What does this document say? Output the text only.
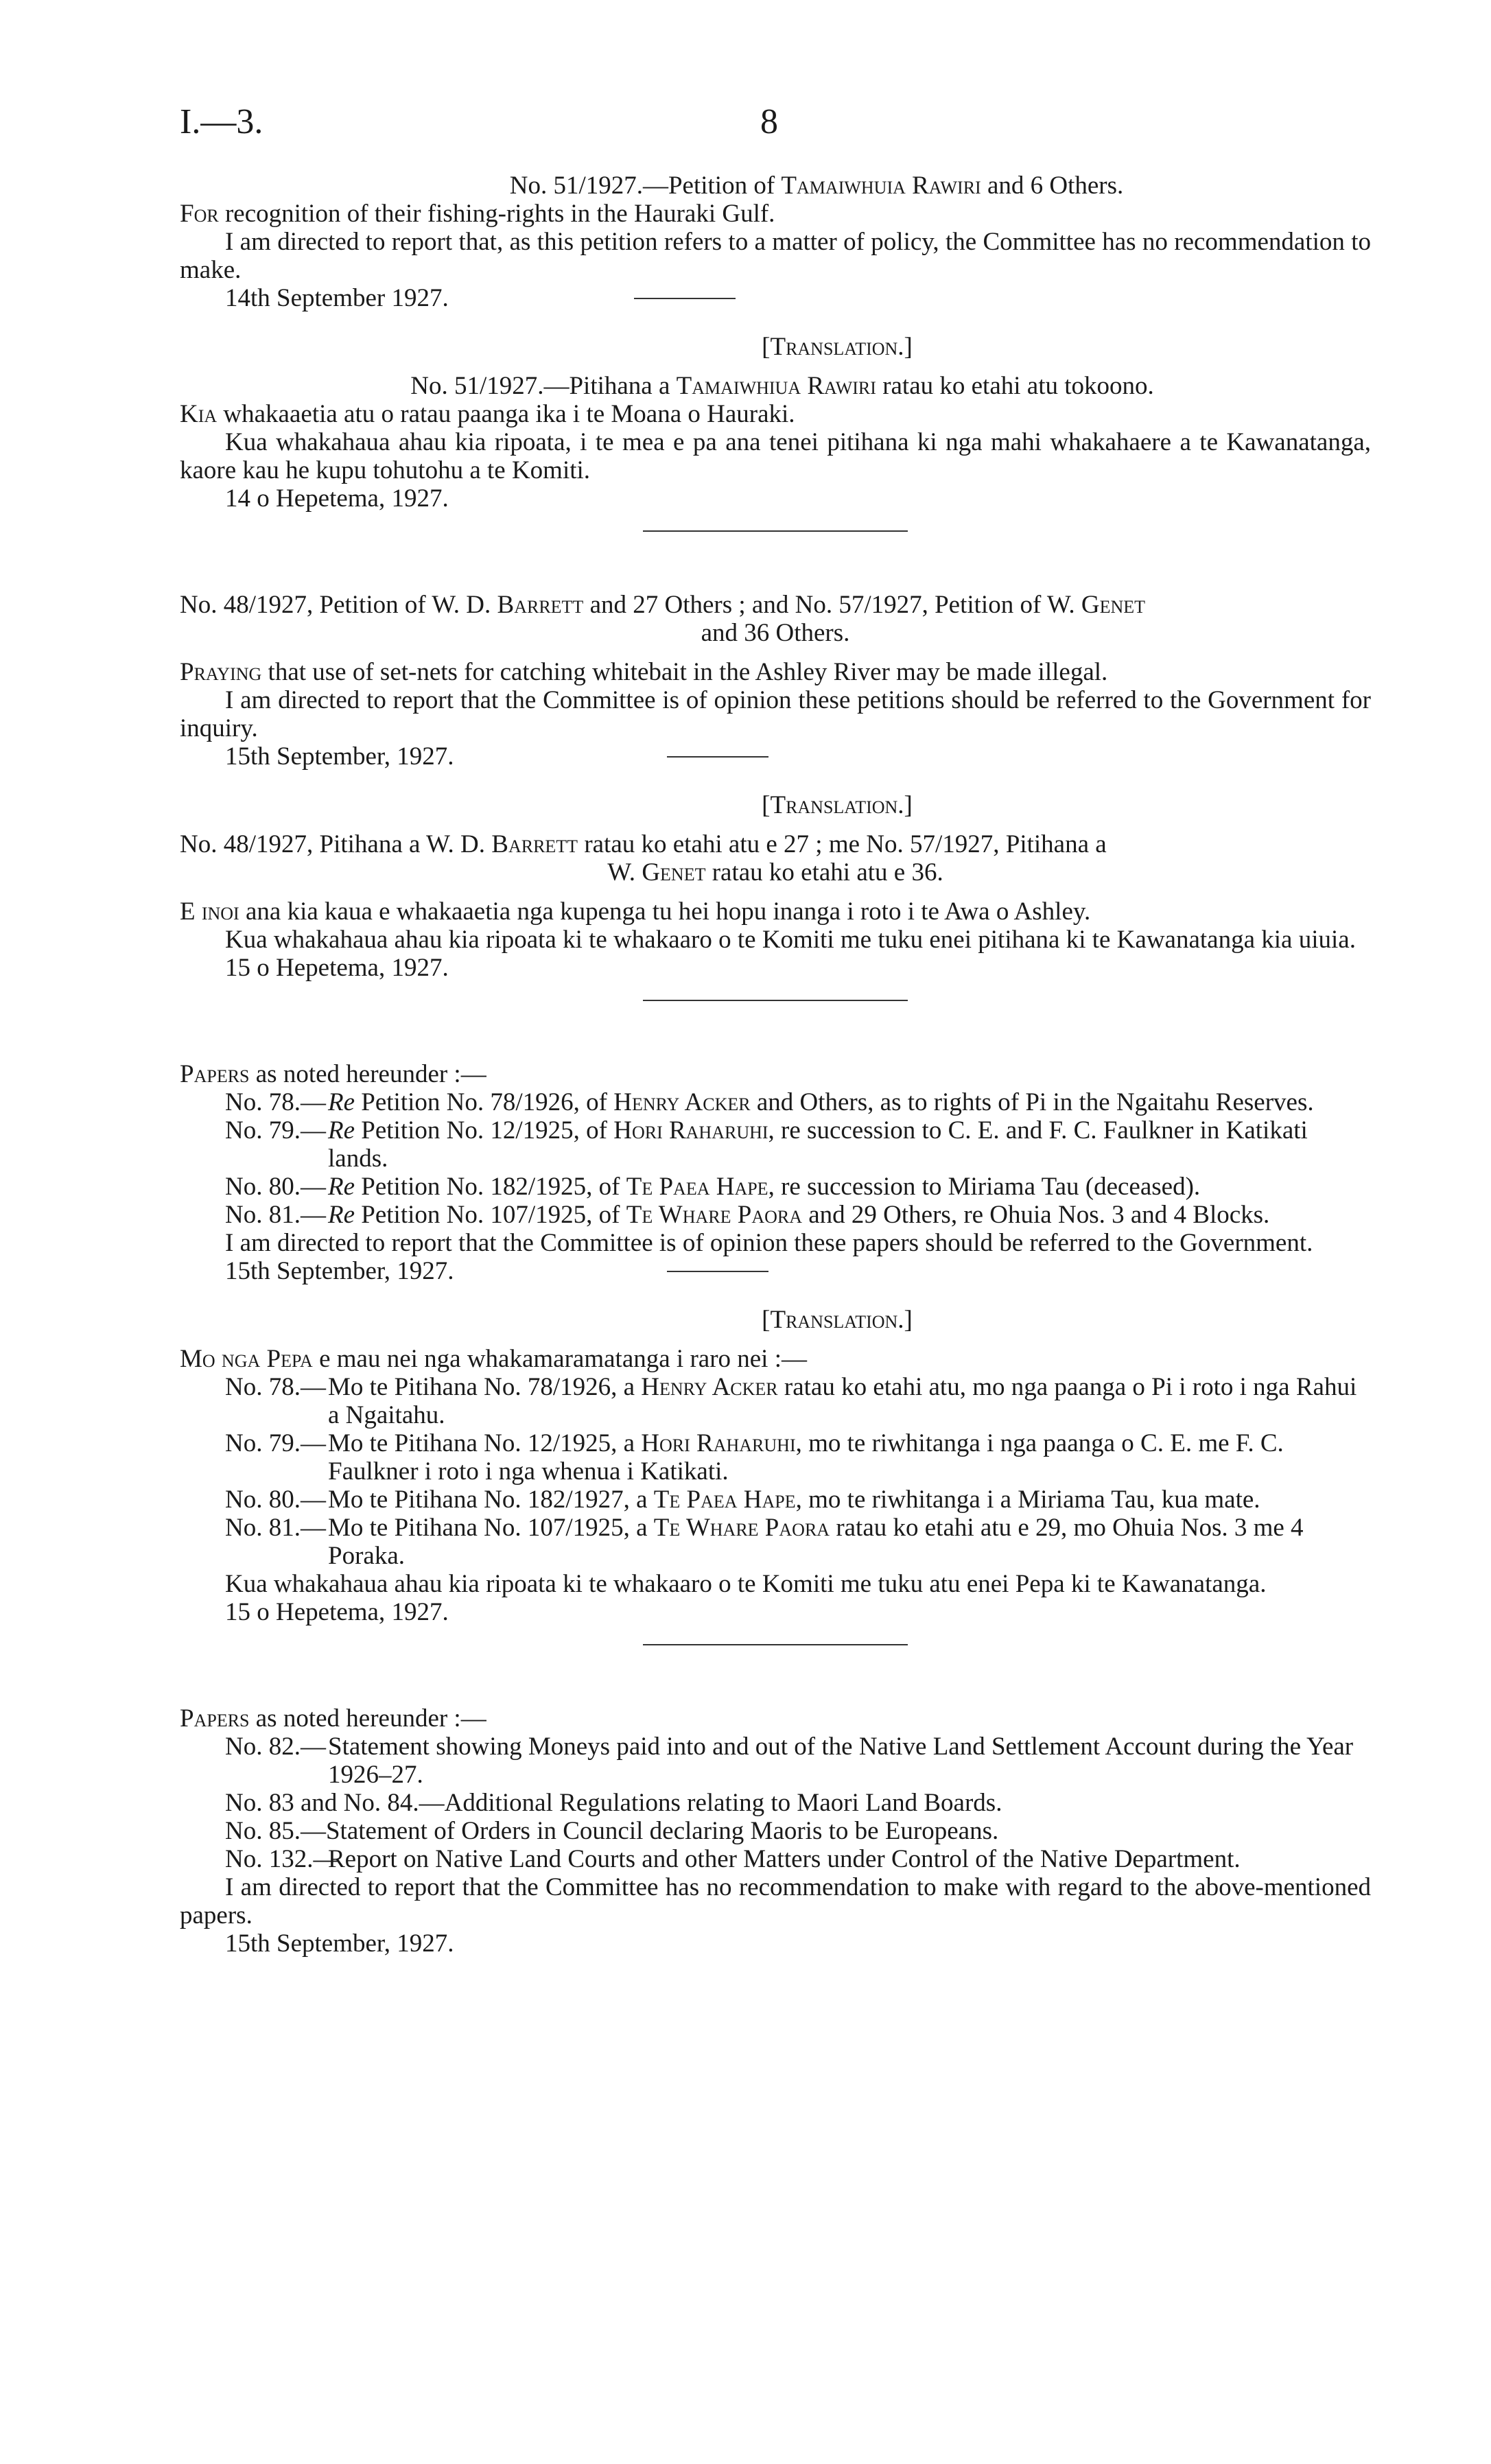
I.—3.	8

No. 51/1927.—Petition of Tamaiwhuia Rawiri and 6 Others.

For recognition of their fishing-rights in the Hauraki Gulf.

I am directed to report that, as this petition refers to a matter of policy, the Committee has no recommendation to make.

14th September 1927.

[Translation.]

No. 51/1927.—Pitihana a Tamaiwhiua Rawiri ratau ko etahi atu tokoono.

Kia whakaaetia atu o ratau paanga ika i te Moana o Hauraki.

Kua whakahaua ahau kia ripoata, i te mea e pa ana tenei pitihana ki nga mahi whakahaere a te Kawanatanga, kaore kau he kupu tohutohu a te Komiti.

14 o Hepetema, 1927.

No. 48/1927, Petition of W. D. Barrett and 27 Others ; and No. 57/1927, Petition of W. Genet

and 36 Others.

Praying that use of set-nets for catching whitebait in the Ashley River may be made illegal.

I am directed to report that the Committee is of opinion these petitions should be referred to the Government for inquiry.

15th September, 1927.

[Translation.]

No. 48/1927, Pitihana a W. D. Barrett ratau ko etahi atu e 27 ; me No. 57/1927, Pitihana a

W. Genet ratau ko etahi atu e 36.

E inoi ana kia kaua e whakaaetia nga kupenga tu hei hopu inanga i roto i te Awa o Ashley.

Kua whakahaua ahau kia ripoata ki te whakaaro o te Komiti me tuku enei pitihana ki te Kawanatanga kia uiuia.

15 o Hepetema, 1927.

Papers as noted hereunder :—

No. 78.— Re Petition No. 78/1926, of Henry Acker and Others, as to rights of Pi in the Ngaitahu Reserves.
No. 79.— Re Petition No. 12/1925, of Hori Raharuhi, re succession to C. E. and F. C. Faulkner in Katikati lands.
No. 80.— Re Petition No. 182/1925, of Te Paea Hape, re succession to Miriama Tau (deceased).
No. 81.— Re Petition No. 107/1925, of Te Whare Paora and 29 Others, re Ohuia Nos. 3 and 4 Blocks.

I am directed to report that the Committee is of opinion these papers should be referred to the Government.

15th September, 1927.

[Translation.]

Mo nga Pepa e mau nei nga whakamaramatanga i raro nei :—

No. 78.— Mo te Pitihana No. 78/1926, a Henry Acker ratau ko etahi atu, mo nga paanga o Pi i roto i nga Rahui a Ngaitahu.
No. 79.— Mo te Pitihana No. 12/1925, a Hori Raharuhi, mo te riwhitanga i nga paanga o C. E. me F. C. Faulkner i roto i nga whenua i Katikati.
No. 80.— Mo te Pitihana No. 182/1927, a Te Paea Hape, mo te riwhitanga i a Miriama Tau, kua mate.
No. 81.— Mo te Pitihana No. 107/1925, a Te Whare Paora ratau ko etahi atu e 29, mo Ohuia Nos. 3 me 4 Poraka.

Kua whakahaua ahau kia ripoata ki te whakaaro o te Komiti me tuku atu enei Pepa ki te Kawanatanga.

15 o Hepetema, 1927.

Papers as noted hereunder :—

No. 82.— Statement showing Moneys paid into and out of the Native Land Settlement Account during the Year 1926–27.
No. 83 and No. 84.—Additional Regulations relating to Maori Land Boards.
No. 85.—Statement of Orders in Council declaring Maoris to be Europeans.
No. 132.—
Report on Native Land Courts and other Matters under Control of the Native Department.

I am directed to report that the Committee has no recommendation to make with regard to the above-mentioned papers.

15th September, 1927.
